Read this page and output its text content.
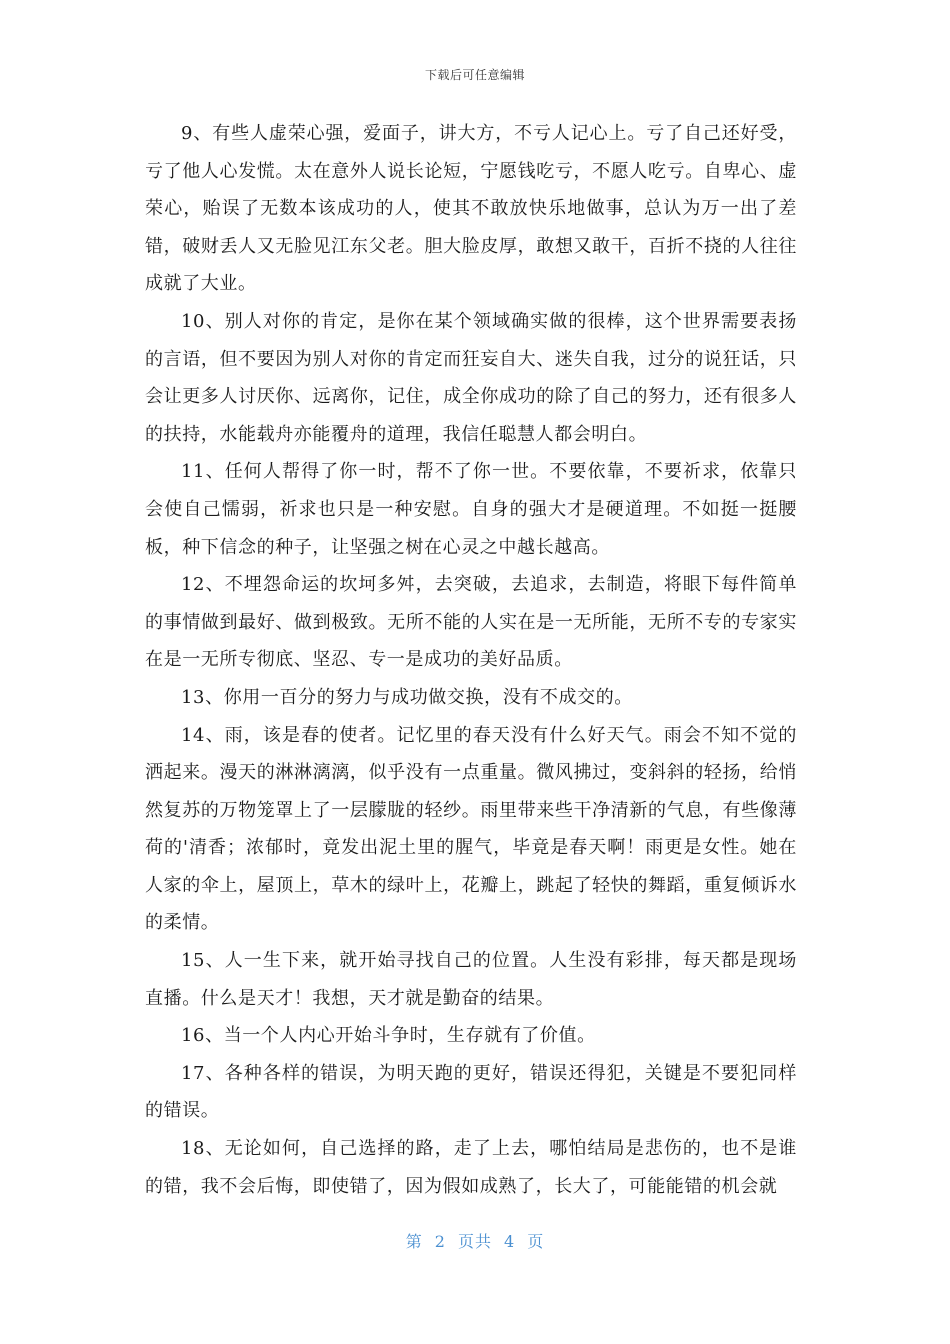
下载后可任意编辑

9、有些人虚荣心强，爱面子，讲大方，不亏人记心上。亏了自己还好受，亏了他人心发慌。太在意外人说长论短，宁愿钱吃亏，不愿人吃亏。自卑心、虚荣心，贻误了无数本该成功的人，使其不敢放快乐地做事，总认为万一出了差错，破财丢人又无脸见江东父老。胆大脸皮厚，敢想又敢干，百折不挠的人往往成就了大业。

10、别人对你的肯定，是你在某个领域确实做的很棒，这个世界需要表扬的言语，但不要因为别人对你的肯定而狂妄自大、迷失自我，过分的说狂话，只会让更多人讨厌你、远离你，记住，成全你成功的除了自己的努力，还有很多人的扶持，水能载舟亦能覆舟的道理，我信任聪慧人都会明白。

11、任何人帮得了你一时，帮不了你一世。不要依靠，不要祈求，依靠只会使自己懦弱，祈求也只是一种安慰。自身的强大才是硬道理。不如挺一挺腰板，种下信念的种子，让坚强之树在心灵之中越长越高。

12、不埋怨命运的坎坷多舛，去突破，去追求，去制造，将眼下每件简单的事情做到最好、做到极致。无所不能的人实在是一无所能，无所不专的专家实在是一无所专彻底、坚忍、专一是成功的美好品质。

13、你用一百分的努力与成功做交换，没有不成交的。

14、雨，该是春的使者。记忆里的春天没有什么好天气。雨会不知不觉的洒起来。漫天的淋淋漓漓，似乎没有一点重量。微风拂过，变斜斜的轻扬，给悄然复苏的万物笼罩上了一层朦胧的轻纱。雨里带来些干净清新的气息，有些像薄荷的'清香；浓郁时，竟发出泥土里的腥气，毕竟是春天啊！雨更是女性。她在人家的伞上，屋顶上，草木的绿叶上，花瓣上，跳起了轻快的舞蹈，重复倾诉水的柔情。

15、人一生下来，就开始寻找自己的位置。人生没有彩排，每天都是现场直播。什么是天才！我想，天才就是勤奋的结果。

16、当一个人内心开始斗争时，生存就有了价值。

17、各种各样的错误，为明天跑的更好，错误还得犯，关键是不要犯同样的错误。

18、无论如何，自己选择的路，走了上去，哪怕结局是悲伤的，也不是谁的错，我不会后悔，即使错了，因为假如成熟了，长大了，可能能错的机会就

第 2 页共 4 页
